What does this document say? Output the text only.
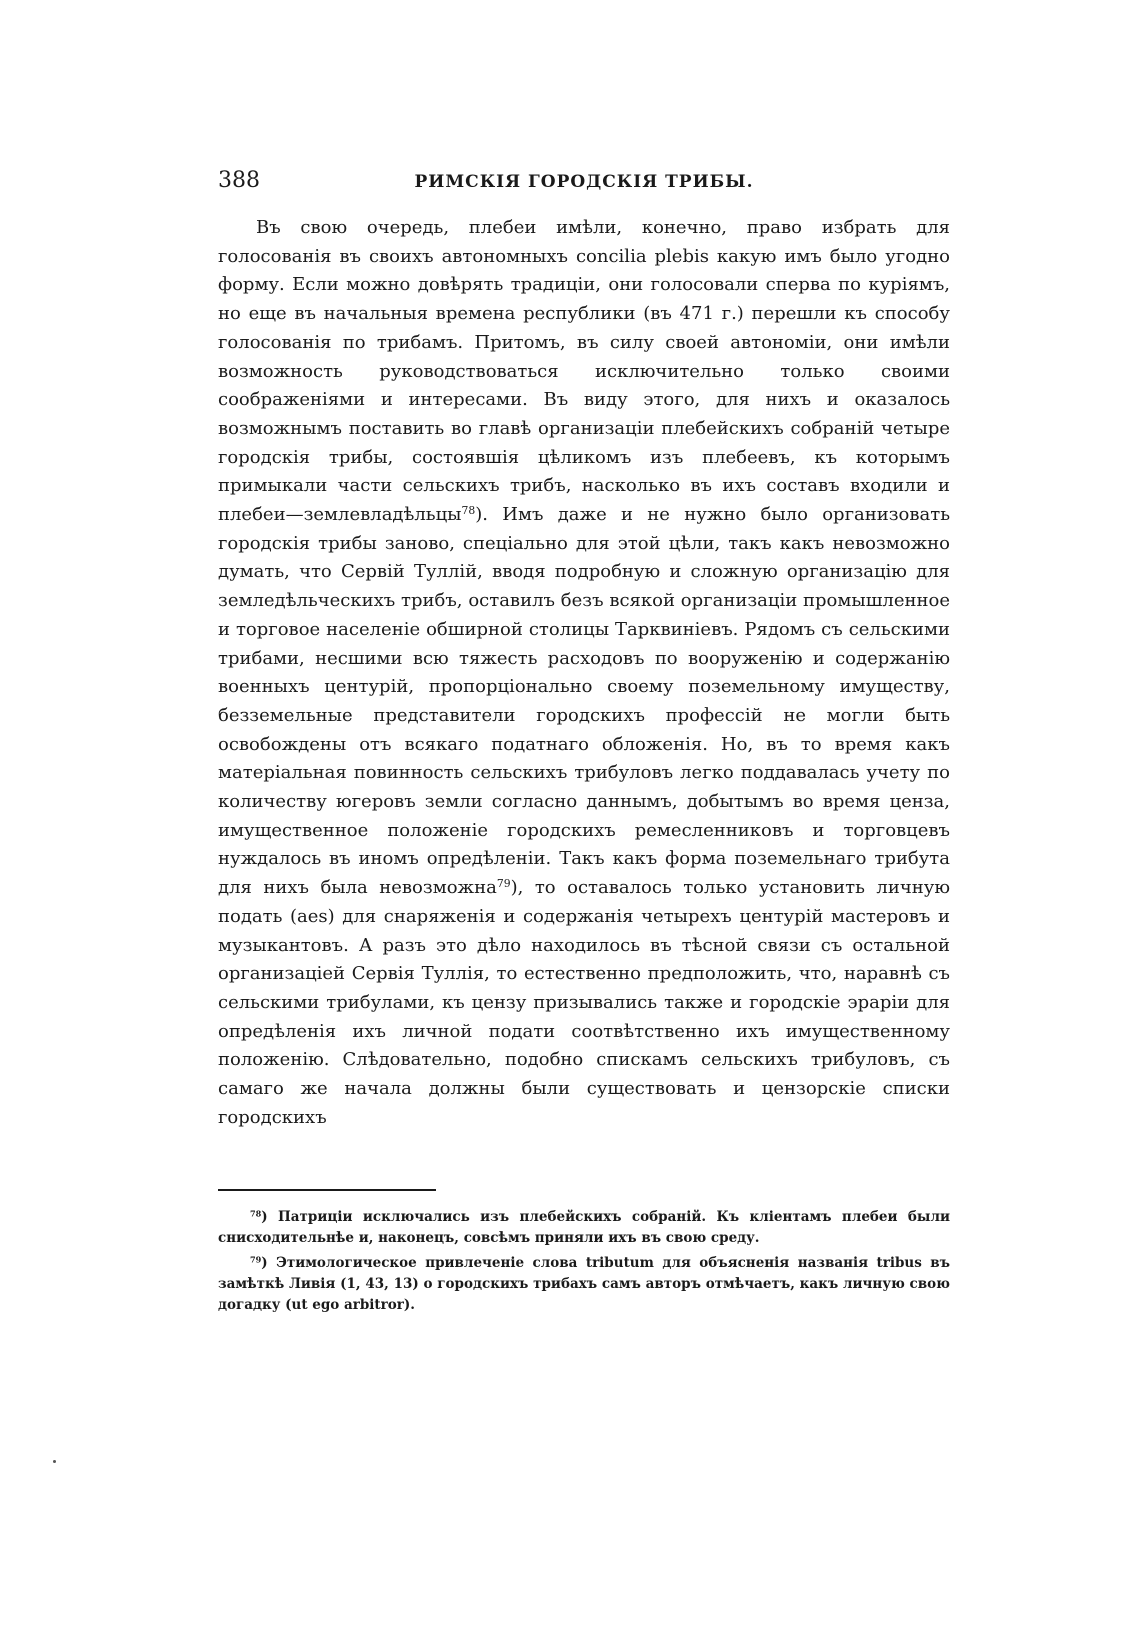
388	РИМСКІЯ ГОРОДСКІЯ ТРИБЫ.

Въ свою очередь, плебеи имѣли, конечно, право избрать для голосованія въ своихъ автономныхъ concilia plebis какую имъ было угодно форму. Если можно довѣрять традиціи, они голосовали сперва по куріямъ, но еще въ начальныя времена республики (въ 471 г.) перешли къ способу голосованія по трибамъ. Притомъ, въ силу своей автономіи, они имѣли возможность руководствоваться исключительно только своими соображеніями и интересами. Въ виду этого, для нихъ и оказалось возможнымъ поставить во главѣ организаціи плебейскихъ собраній четыре городскія трибы, состоявшія цѣликомъ изъ плебеевъ, къ которымъ примыкали части сельскихъ трибъ, насколько въ ихъ составъ входили и плебеи—землевладѣльцы$^{78}$). Имъ даже и не нужно было организовать городскія трибы заново, спеціально для этой цѣли, такъ какъ невозможно думать, что Сервій Туллій, вводя подробную и сложную организацію для земледѣльческихъ трибъ, оставилъ безъ всякой организаціи промышленное и торговое населеніе обширной столицы Тарквиніевъ. Рядомъ съ сельскими трибами, несшими всю тяжесть расходовъ по вооруженію и содержанію военныхъ центурій, пропорціонально своему поземельному имуществу, безземельные представители городскихъ профессій не могли быть освобождены отъ всякаго податнаго обложенія. Но, въ то время какъ матеріальная повинность сельскихъ трибуловъ легко поддавалась учету по количеству югеровъ земли согласно даннымъ, добытымъ во время ценза, имущественное положеніе городскихъ ремесленниковъ и торговцевъ нуждалось въ иномъ опредѣленіи. Такъ какъ форма поземельнаго трибута для нихъ была невозможна$^{79}$), то оставалось только установить личную подать (aes) для снаряженія и содержанія четырехъ центурій мастеровъ и музыкантовъ. А разъ это дѣло находилось въ тѣсной связи съ остальной организаціей Сервія Туллія, то естественно предположить, что, наравнѣ съ сельскими трибулами, къ цензу призывались также и городскіе эраріи для опредѣленія ихъ личной подати соотвѣтственно ихъ имущественному положенію. Слѣдовательно, подобно спискамъ сельскихъ трибуловъ, съ самаго же начала должны были существовать и цензорскіе списки городскихъ

$^{78}$) Патриціи исключались изъ плебейскихъ собраній. Къ кліентамъ плебеи были снисходительнѣе и, наконецъ, совсѣмъ приняли ихъ въ свою среду.

$^{79}$) Этимологическое привлеченіе слова tributum для объясненія названія tribus въ замѣткѣ Ливія (1, 43, 13) о городскихъ трибахъ самъ авторъ отмѣчаетъ, какъ личную свою догадку (ut ego arbitror).
